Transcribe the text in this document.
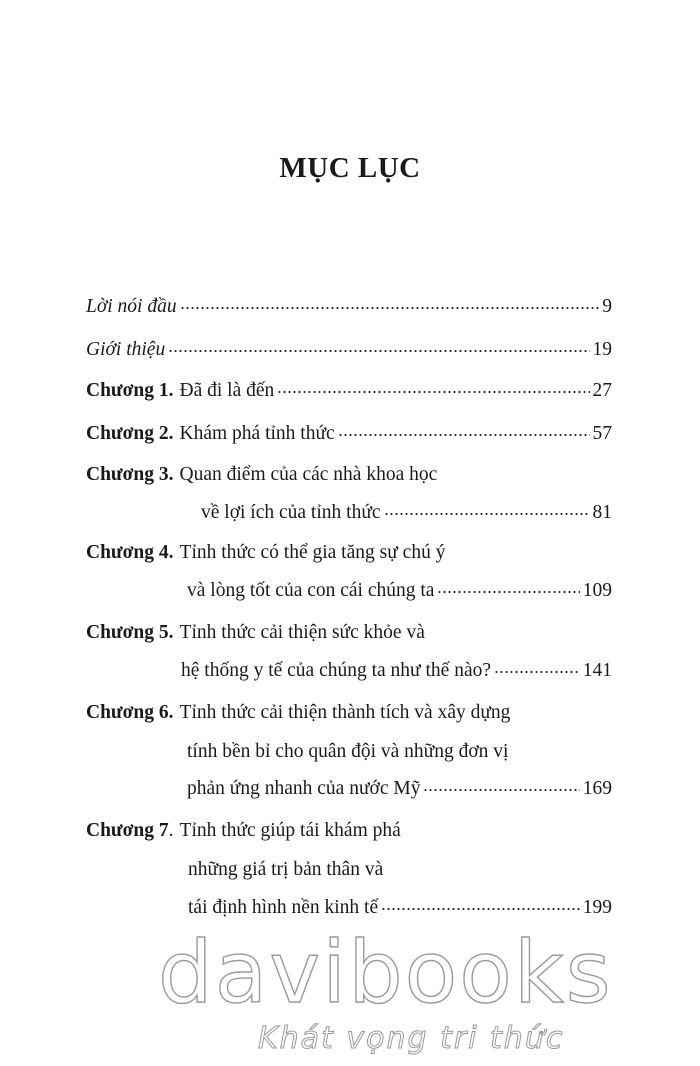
MỤC LỤC
Lời nói đầu	9
Giới thiệu	19
Chương 1. Đã đi là đến	27
Chương 2. Khám phá tỉnh thức	57
Chương 3. Quan điểm của các nhà khoa học
về lợi ích của tỉnh thức	81
Chương 4. Tỉnh thức có thể gia tăng sự chú ý
và lòng tốt của con cái chúng ta	109
Chương 5. Tỉnh thức cải thiện sức khỏe và
hệ thống y tế của chúng ta như thế nào?	141
Chương 6. Tỉnh thức cải thiện thành tích và xây dựng
tính bền bỉ cho quân đội và những đơn vị
phản ứng nhanh của nước Mỹ	169
Chương 7 . Tỉnh thức giúp tái khám phá
những giá trị bản thân và
tái định hình nền kinh tế	199
davibooks
Khát vọng tri thức
